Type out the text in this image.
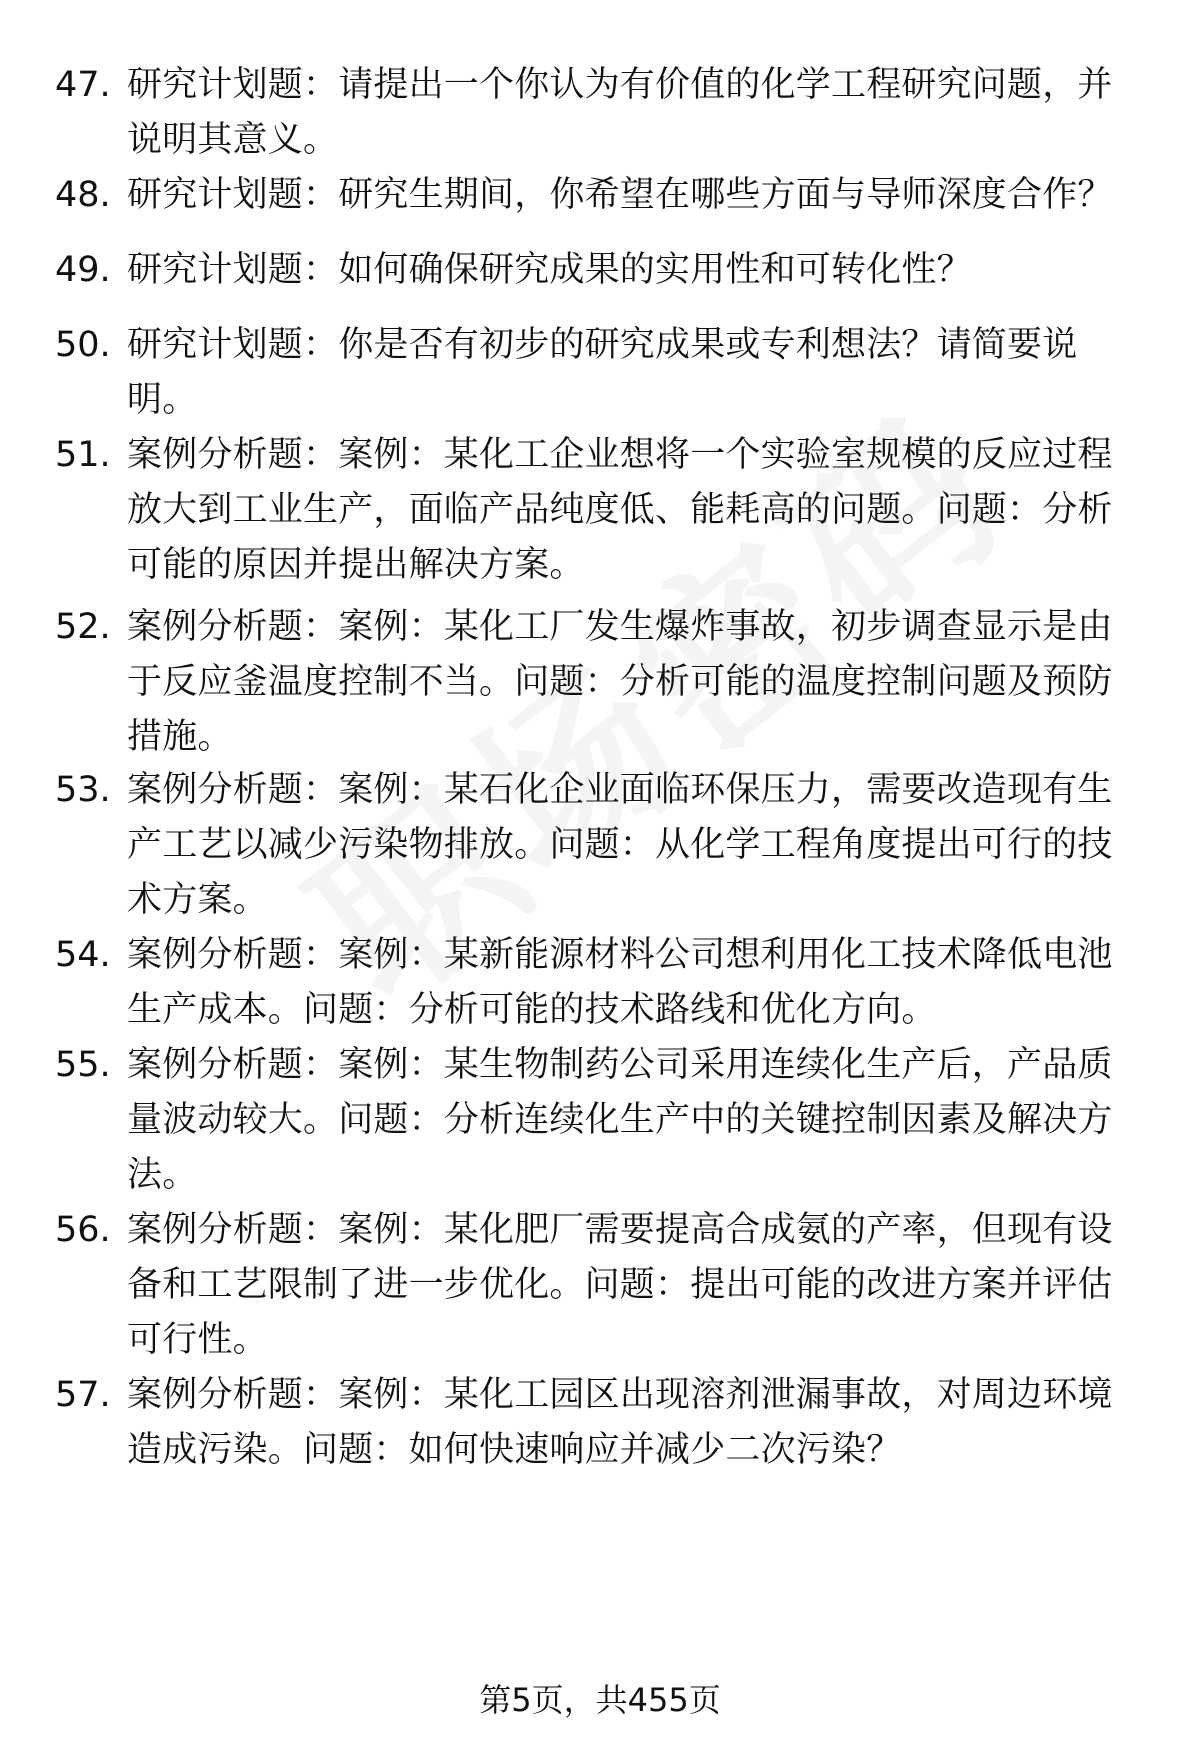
47. 研究计划题：请提出一个你认为有价值的化学工程研究问题，并说明其意义。
48. 研究计划题：研究生期间，你希望在哪些方面与导师深度合作？
49. 研究计划题：如何确保研究成果的实用性和可转化性？
50. 研究计划题：你是否有初步的研究成果或专利想法？请简要说明。
51. 案例分析题：案例：某化工企业想将一个实验室规模的反应过程放大到工业生产，面临产品纯度低、能耗高的问题。问题：分析可能的原因并提出解决方案。
52. 案例分析题：案例：某化工厂发生爆炸事故，初步调查显示是由于反应釜温度控制不当。问题：分析可能的温度控制问题及预防措施。
53. 案例分析题：案例：某石化企业面临环保压力，需要改造现有生产工艺以减少污染物排放。问题：从化学工程角度提出可行的技术方案。
54. 案例分析题：案例：某新能源材料公司想利用化工技术降低电池生产成本。问题：分析可能的技术路线和优化方向。
55. 案例分析题：案例：某生物制药公司采用连续化生产后，产品质量波动较大。问题：分析连续化生产中的关键控制因素及解决方法。
56. 案例分析题：案例：某化肥厂需要提高合成氨的产率，但现有设备和工艺限制了进一步优化。问题：提出可能的改进方案并评估可行性。
57. 案例分析题：案例：某化工园区出现溶剂泄漏事故，对周边环境造成污染。问题：如何快速响应并减少二次污染？
第5页，共455页
